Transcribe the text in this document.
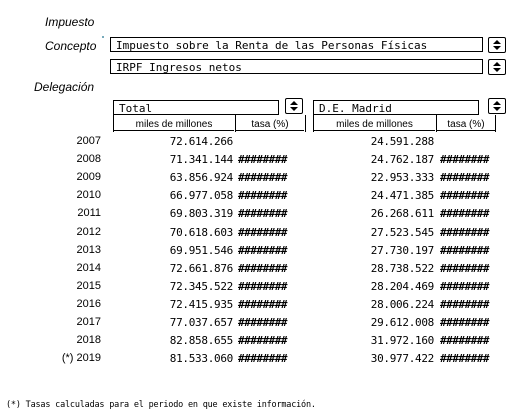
Impuesto
Concepto
Delegación
Impuesto sobre la Renta de las Personas Físicas
IRPF Ingresos netos
Total	D.E. Madrid
miles de millones	tasa (%)	miles de millones	tasa (%)
2007	72.614.266	24.591.288
2008	71.341.144 ########	24.762.187 ########
2009	63.856.924 ########	22.953.333 ########
2010	66.977.058 ########	24.471.385 ########
2011	69.803.319 ########	26.268.611 ########
2012	70.618.603 ########	27.523.545 ########
2013	69.951.546 ########	27.730.197 ########
2014	72.661.876 ########	28.738.522 ########
2015	72.345.522 ########	28.204.469 ########
2016	72.415.935 ########	28.006.224 ########
2017	77.037.657 ########	29.612.008 ########
2018	82.858.655 ########	31.972.160 ########
(*) 2019	81.533.060 ########	30.977.422 ########
(*) Tasas calculadas para el periodo en que existe información.
